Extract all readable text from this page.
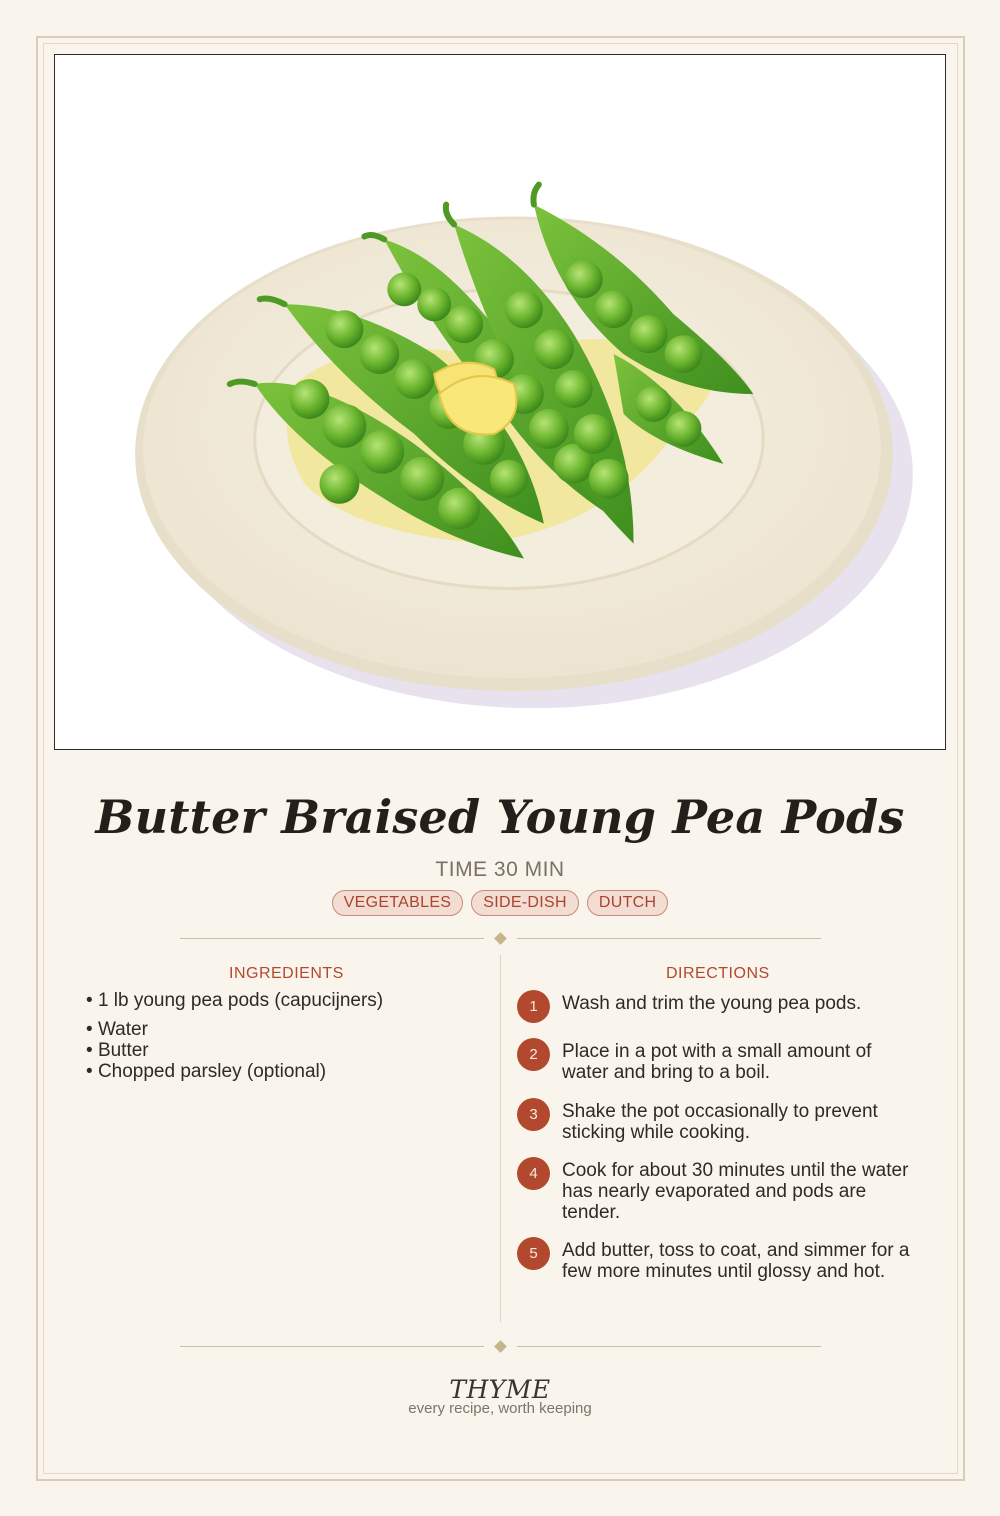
Butter Braised Young Pea Pods
TIME 30 MIN
VEGETABLES	SIDE-DISH	DUTCH
INGREDIENTS
• 1 lb young pea pods (capucijners)
• Water
• Butter
• Chopped parsley (optional)
DIRECTIONS
1	Wash and trim the young pea pods.
2	Place in a pot with a small amount of water and bring to a boil.
3	Shake the pot occasionally to prevent sticking while cooking.
4	Cook for about 30 minutes until the water has nearly evaporated and pods are tender.
5	Add butter, toss to coat, and simmer for a few more minutes until glossy and hot.
THYME
every recipe, worth keeping
